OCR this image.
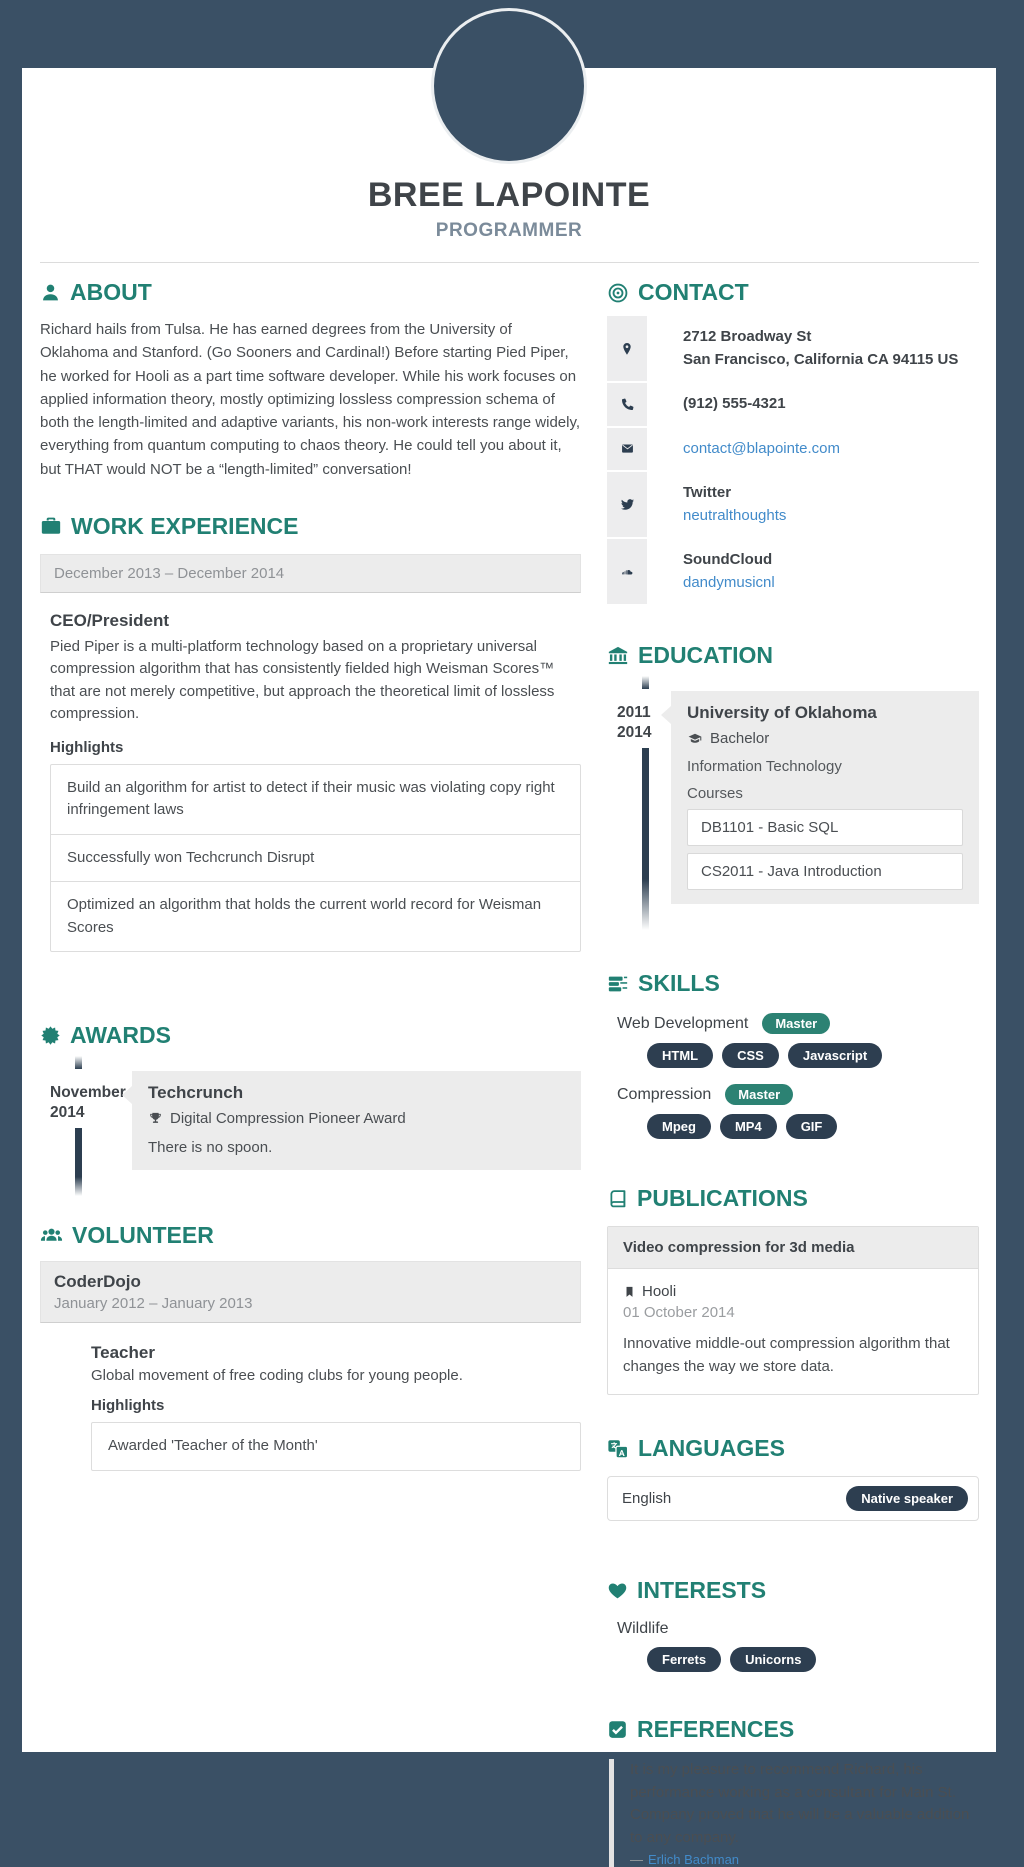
BREE LAPOINTE
PROGRAMMER
ABOUT

Richard hails from Tulsa. He has earned degrees from the University of Oklahoma and Stanford. (Go Sooners and Cardinal!) Before starting Pied Piper, he worked for Hooli as a part time software developer. While his work focuses on applied information theory, mostly optimizing lossless compression schema of both the length-limited and adaptive variants, his non-work interests range widely, everything from quantum computing to chaos theory. He could tell you about it, but THAT would NOT be a “length-limited” conversation!

WORK EXPERIENCE
December 2013 – December 2014
CEO/President

Pied Piper is a multi-platform technology based on a proprietary universal compression algorithm that has consistently fielded high Weisman Scores™ that are not merely competitive, but approach the theoretical limit of lossless compression.

Highlights
Build an algorithm for artist to detect if their music was violating copy right infringement laws
Successfully won Techcrunch Disrupt
Optimized an algorithm that holds the current world record for Weisman Scores
AWARDS
November
2014
Techcrunch
Digital Compression Pioneer Award
There is no spoon.
VOLUNTEER
CoderDojo
January 2012 – January 2013
Teacher

Global movement of free coding clubs for young people.

Highlights
Awarded 'Teacher of the Month'
CONTACT
2712 Broadway St
San Francisco, California CA 94115 US
(912) 555-4321
contact@blapointe.com
Twitter
neutralthoughts
SoundCloud
dandymusicnl
EDUCATION
2011
2014
University of Oklahoma
Bachelor
Information Technology
Courses
DB1101 - Basic SQL
CS2011 - Java Introduction
SKILLS
Web Development	Master
HTML	CSS	Javascript
Compression	Master
Mpeg	MP4	GIF
PUBLICATIONS
Video compression for 3d media
Hooli
01 October 2014

Innovative middle-out compression algorithm that changes the way we store data.

LANGUAGES
English	Native speaker
INTERESTS
Wildlife
Ferrets	Unicorns
REFERENCES

It is my pleasure to recommend Richard, his performance working as a consultant for Main St. Company proved that he will be a valuable addition to any company.

— Erlich Bachman
